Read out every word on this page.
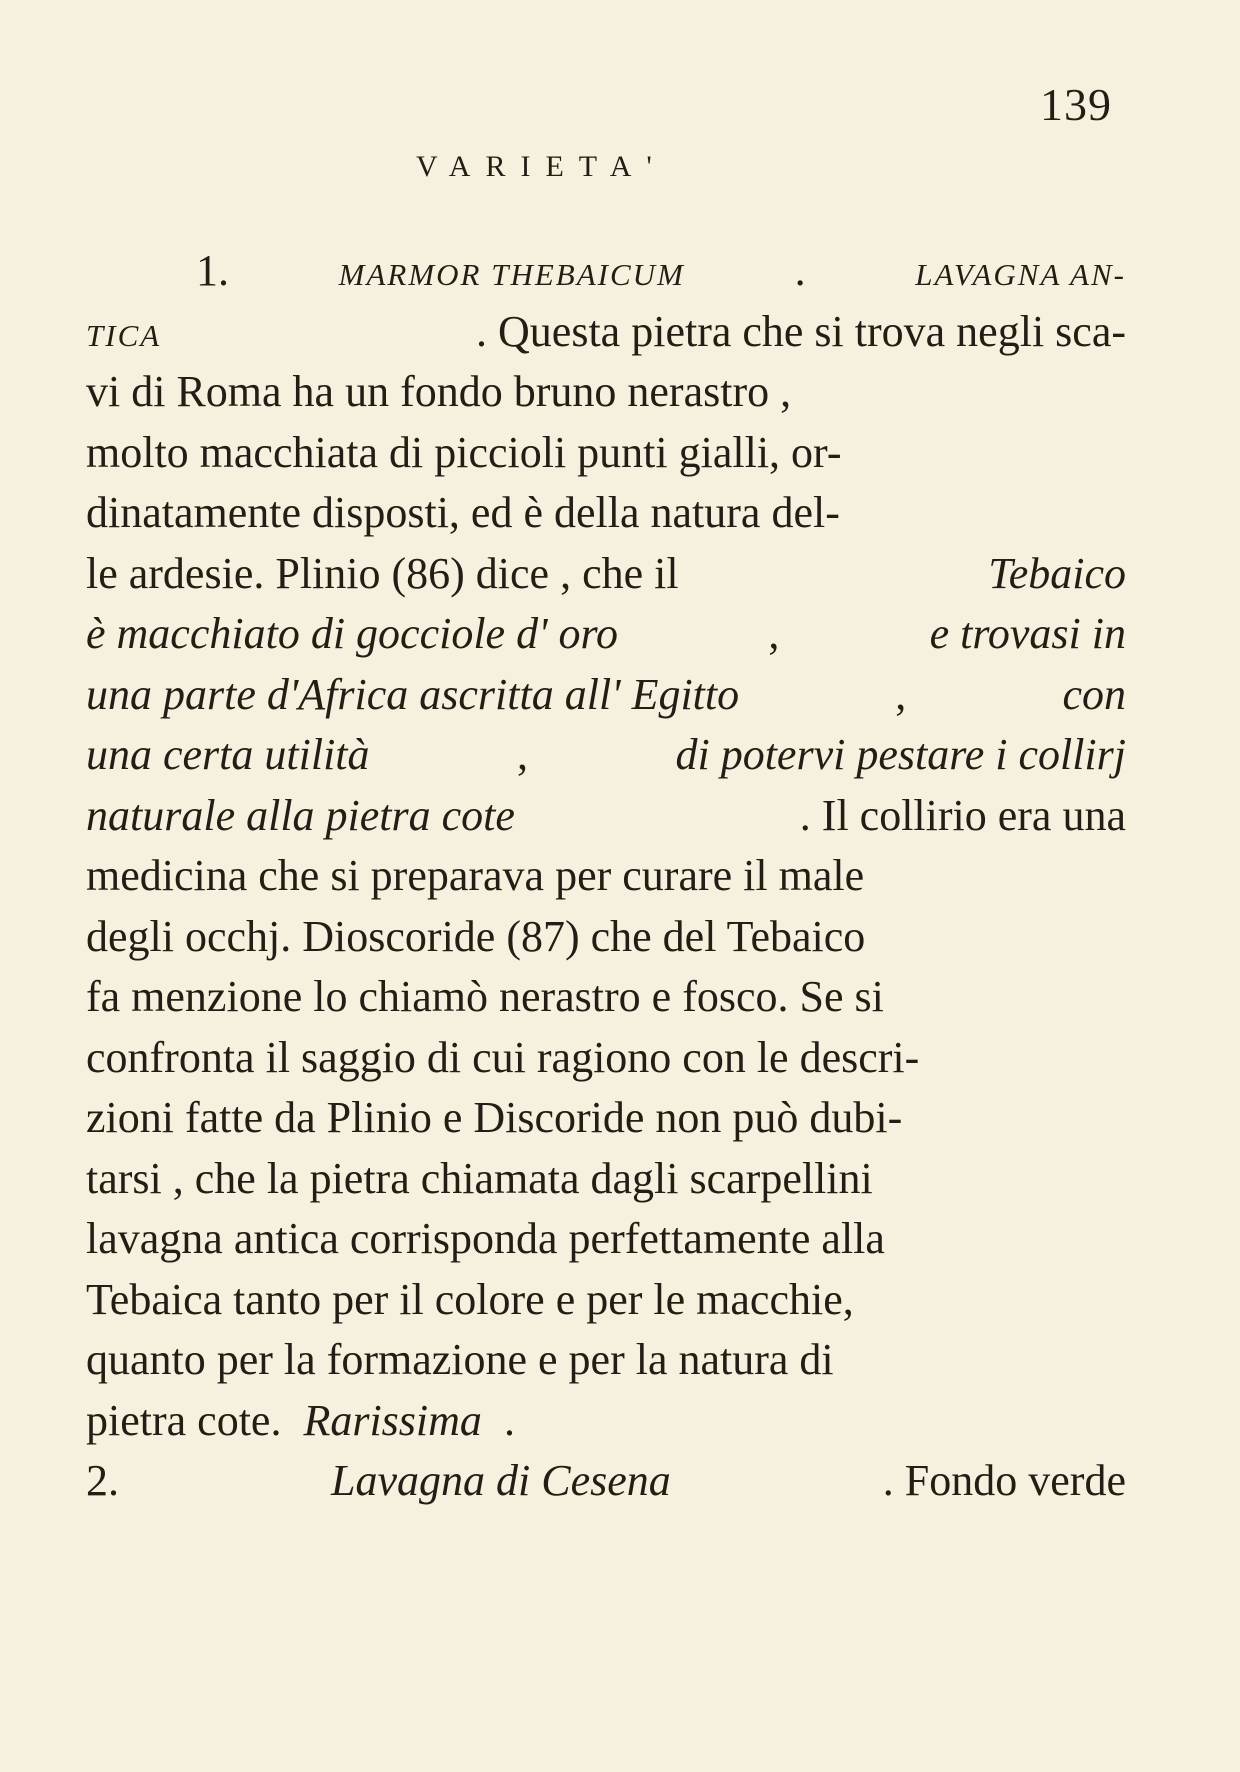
139
VARIETA'
1.	MARMOR THEBAICUM .	LAVAGNA AN-
TICA	. Questa pietra che si trova negli sca-
vi di Roma ha un fondo bruno nerastro ,
molto macchiata di piccioli punti gialli, or-
dinatamente disposti, ed è della natura del-
le ardesie. Plinio (86) dice , che il	Tebaico
è macchiato di gocciole d' oro	,	e trovasi in
una parte d'Africa ascritta all' Egitto	,	con
una certa utilità	,	di potervi pestare i collirj
naturale alla pietra cote	. Il collirio era una
medicina che si preparava per curare il male
degli occhj. Dioscoride (87) che del Tebaico
fa menzione lo chiamò nerastro e fosco. Se si
confronta il saggio di cui ragiono con le descri-
zioni fatte da Plinio e Discoride non può dubi-
tarsi , che la pietra chiamata dagli scarpellini
lavagna antica corrisponda perfettamente alla
Tebaica tanto per il colore e per le macchie,
quanto per la formazione e per la natura di
pietra cote. Rarissima .
2.	Lavagna di Cesena	. Fondo verde
